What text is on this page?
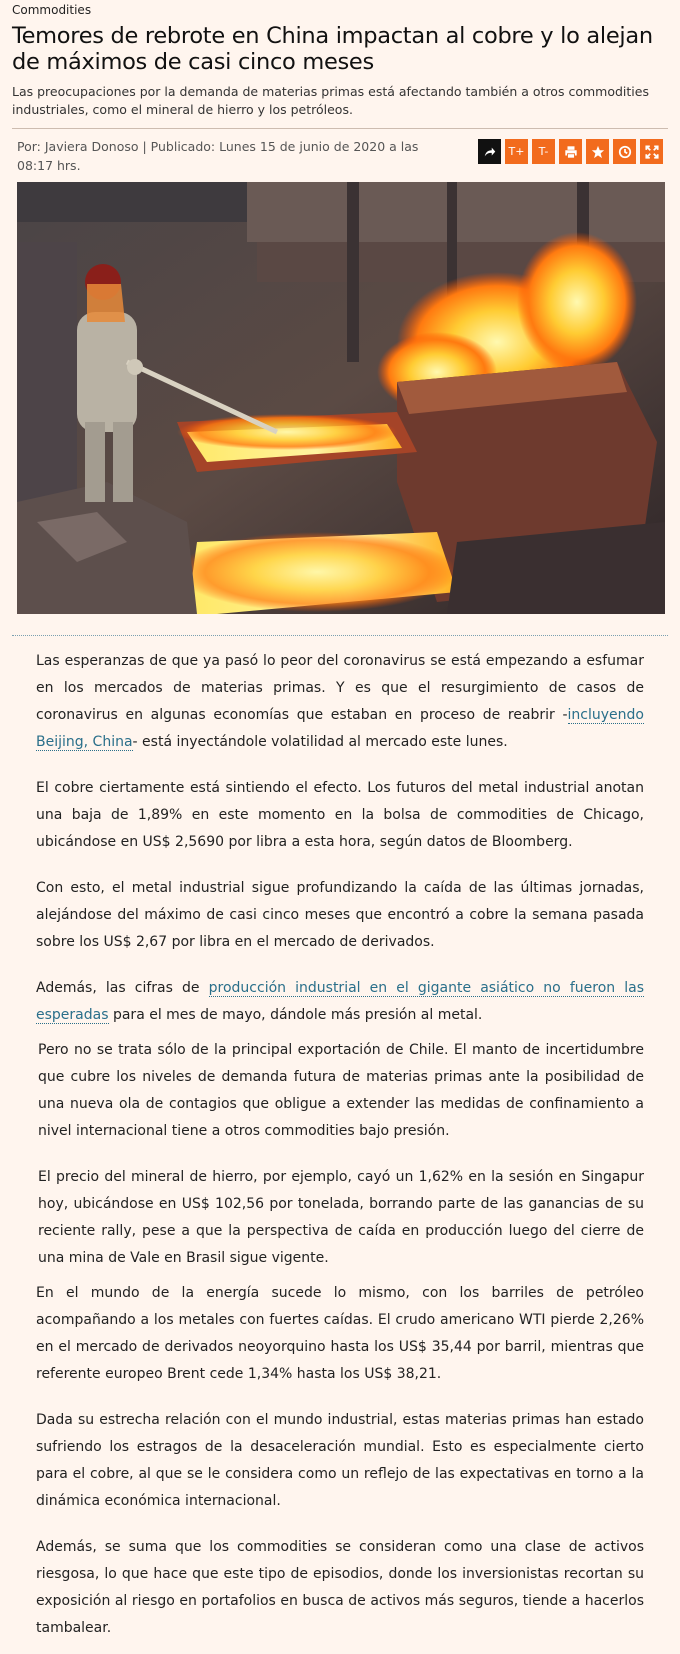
Commodities
Temores de rebrote en China impactan al cobre y lo alejan de máximos de casi cinco meses

Las preocupaciones por la demanda de materias primas está afectando también a otros commodities industriales, como el mineral de hierro y los petróleos.

Por: Javiera Donoso | Publicado: Lunes 15 de junio de 2020 a las 08:17 hrs.
T+	T-

Las esperanzas de que ya pasó lo peor del coronavirus se está empezando a esfumar en los mercados de materias primas. Y es que el resurgimiento de casos de coronavirus en algunas economías que estaban en proceso de reabrir -incluyendo Beijing, China- está inyectándole volatilidad al mercado este lunes.

El cobre ciertamente está sintiendo el efecto. Los futuros del metal industrial anotan una baja de 1,89% en este momento en la bolsa de commodities de Chicago, ubicándose en US$ 2,5690 por libra a esta hora, según datos de Bloomberg.

Con esto, el metal industrial sigue profundizando la caída de las últimas jornadas, alejándose del máximo de casi cinco meses que encontró a cobre la semana pasada sobre los US$ 2,67 por libra en el mercado de derivados.

Además, las cifras de producción industrial en el gigante asiático no fueron las esperadas para el mes de mayo, dándole más presión al metal.

Pero no se trata sólo de la principal exportación de Chile. El manto de incertidumbre que cubre los niveles de demanda futura de materias primas ante la posibilidad de una nueva ola de contagios que obligue a extender las medidas de confinamiento a nivel internacional tiene a otros commodities bajo presión.

El precio del mineral de hierro, por ejemplo, cayó un 1,62% en la sesión en Singapur hoy, ubicándose en US$ 102,56 por tonelada, borrando parte de las ganancias de su reciente rally, pese a que la perspectiva de caída en producción luego del cierre de una mina de Vale en Brasil sigue vigente.

En el mundo de la energía sucede lo mismo, con los barriles de petróleo acompañando a los metales con fuertes caídas. El crudo americano WTI pierde 2,26% en el mercado de derivados neoyorquino hasta los US$ 35,44 por barril, mientras que referente europeo Brent cede 1,34% hasta los US$ 38,21.

Dada su estrecha relación con el mundo industrial, estas materias primas han estado sufriendo los estragos de la desaceleración mundial. Esto es especialmente cierto para el cobre, al que se le considera como un reflejo de las expectativas en torno a la dinámica económica internacional.

Además, se suma que los commodities se consideran como una clase de activos riesgosa, lo que hace que este tipo de episodios, donde los inversionistas recortan su exposición al riesgo en portafolios en busca de activos más seguros, tiende a hacerlos tambalear.
